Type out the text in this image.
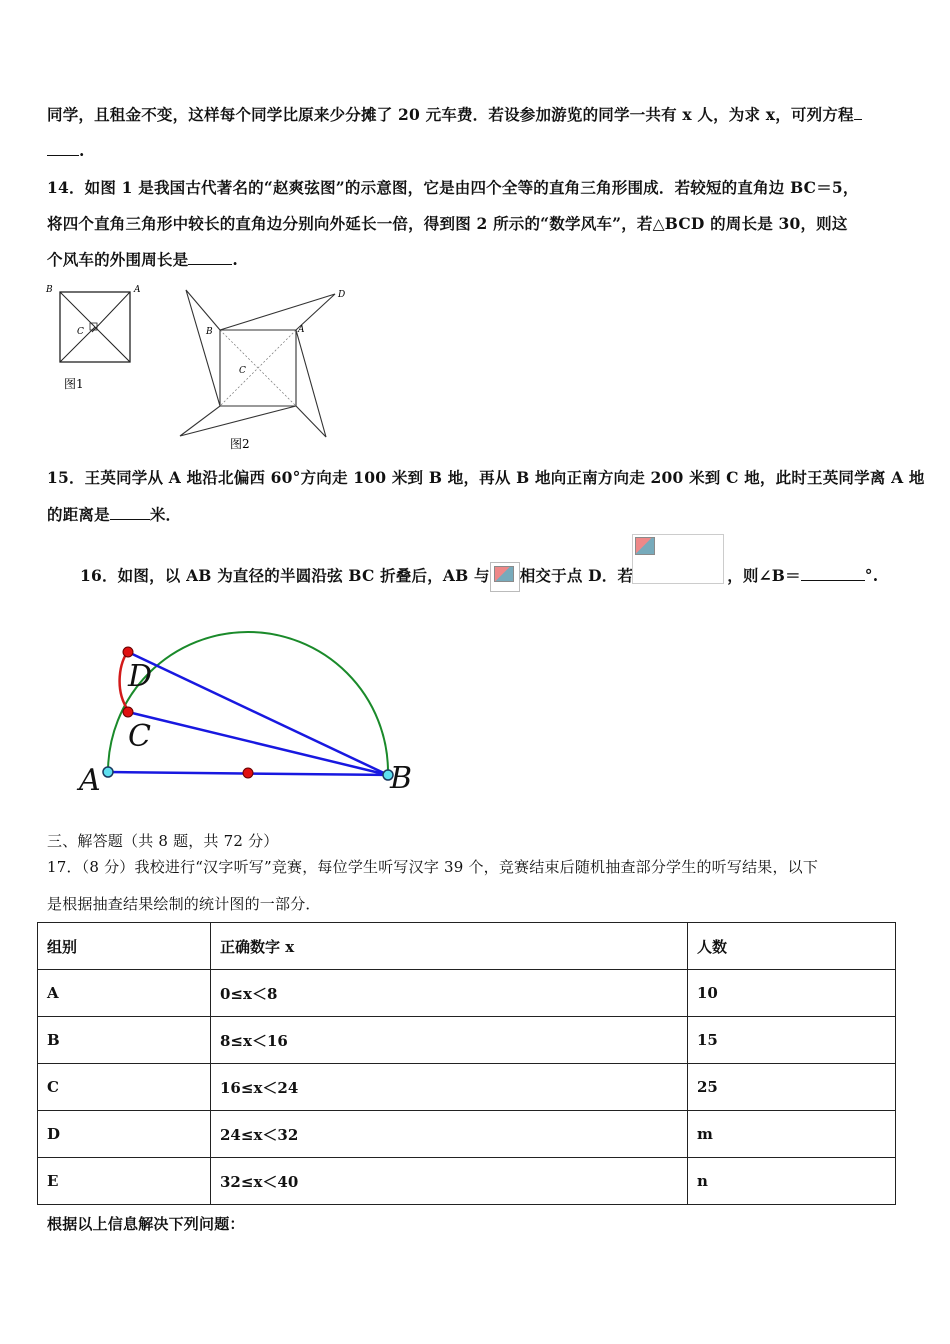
同学，且租金不变，这样每个同学比原来少分摊了 20 元车费．若设参加游览的同学一共有 x 人，为求 x，可列方程
.
14．如图 1 是我国古代著名的“赵爽弦图”的示意图，它是由四个全等的直角三角形围成．若较短的直角边 BC＝5，
将四个直角三角形中较长的直角边分别向外延长一倍，得到图 2 所示的“数学风车”，若△BCD 的周长是 30，则这
个风车的外围周长是	.
B	A
C
图1
B	A
D
C
图2
15．王英同学从 A 地沿北偏西 60°方向走 100 米到 B 地，再从 B 地向正南方向走 200 米到 C 地，此时王英同学离 A 地
的距离是	米．
16．如图，以 AB 为直径的半圆沿弦 BC 折叠后，AB 与 相交于点 D．若	，则∠B＝	°.
D
C
A	B
三、解答题（共 8 题，共 72 分）
17．（8 分）我校进行“汉字听写”竞赛，每位学生听写汉字 39 个，竞赛结束后随机抽查部分学生的听写结果，以下
是根据抽查结果绘制的统计图的一部分．
组别	正确数字 x	人数
A	0≤x＜8	10
B	8≤x＜16	15
C	16≤x＜24	25
D	24≤x＜32	m
E	32≤x＜40	n
根据以上信息解决下列问题：
